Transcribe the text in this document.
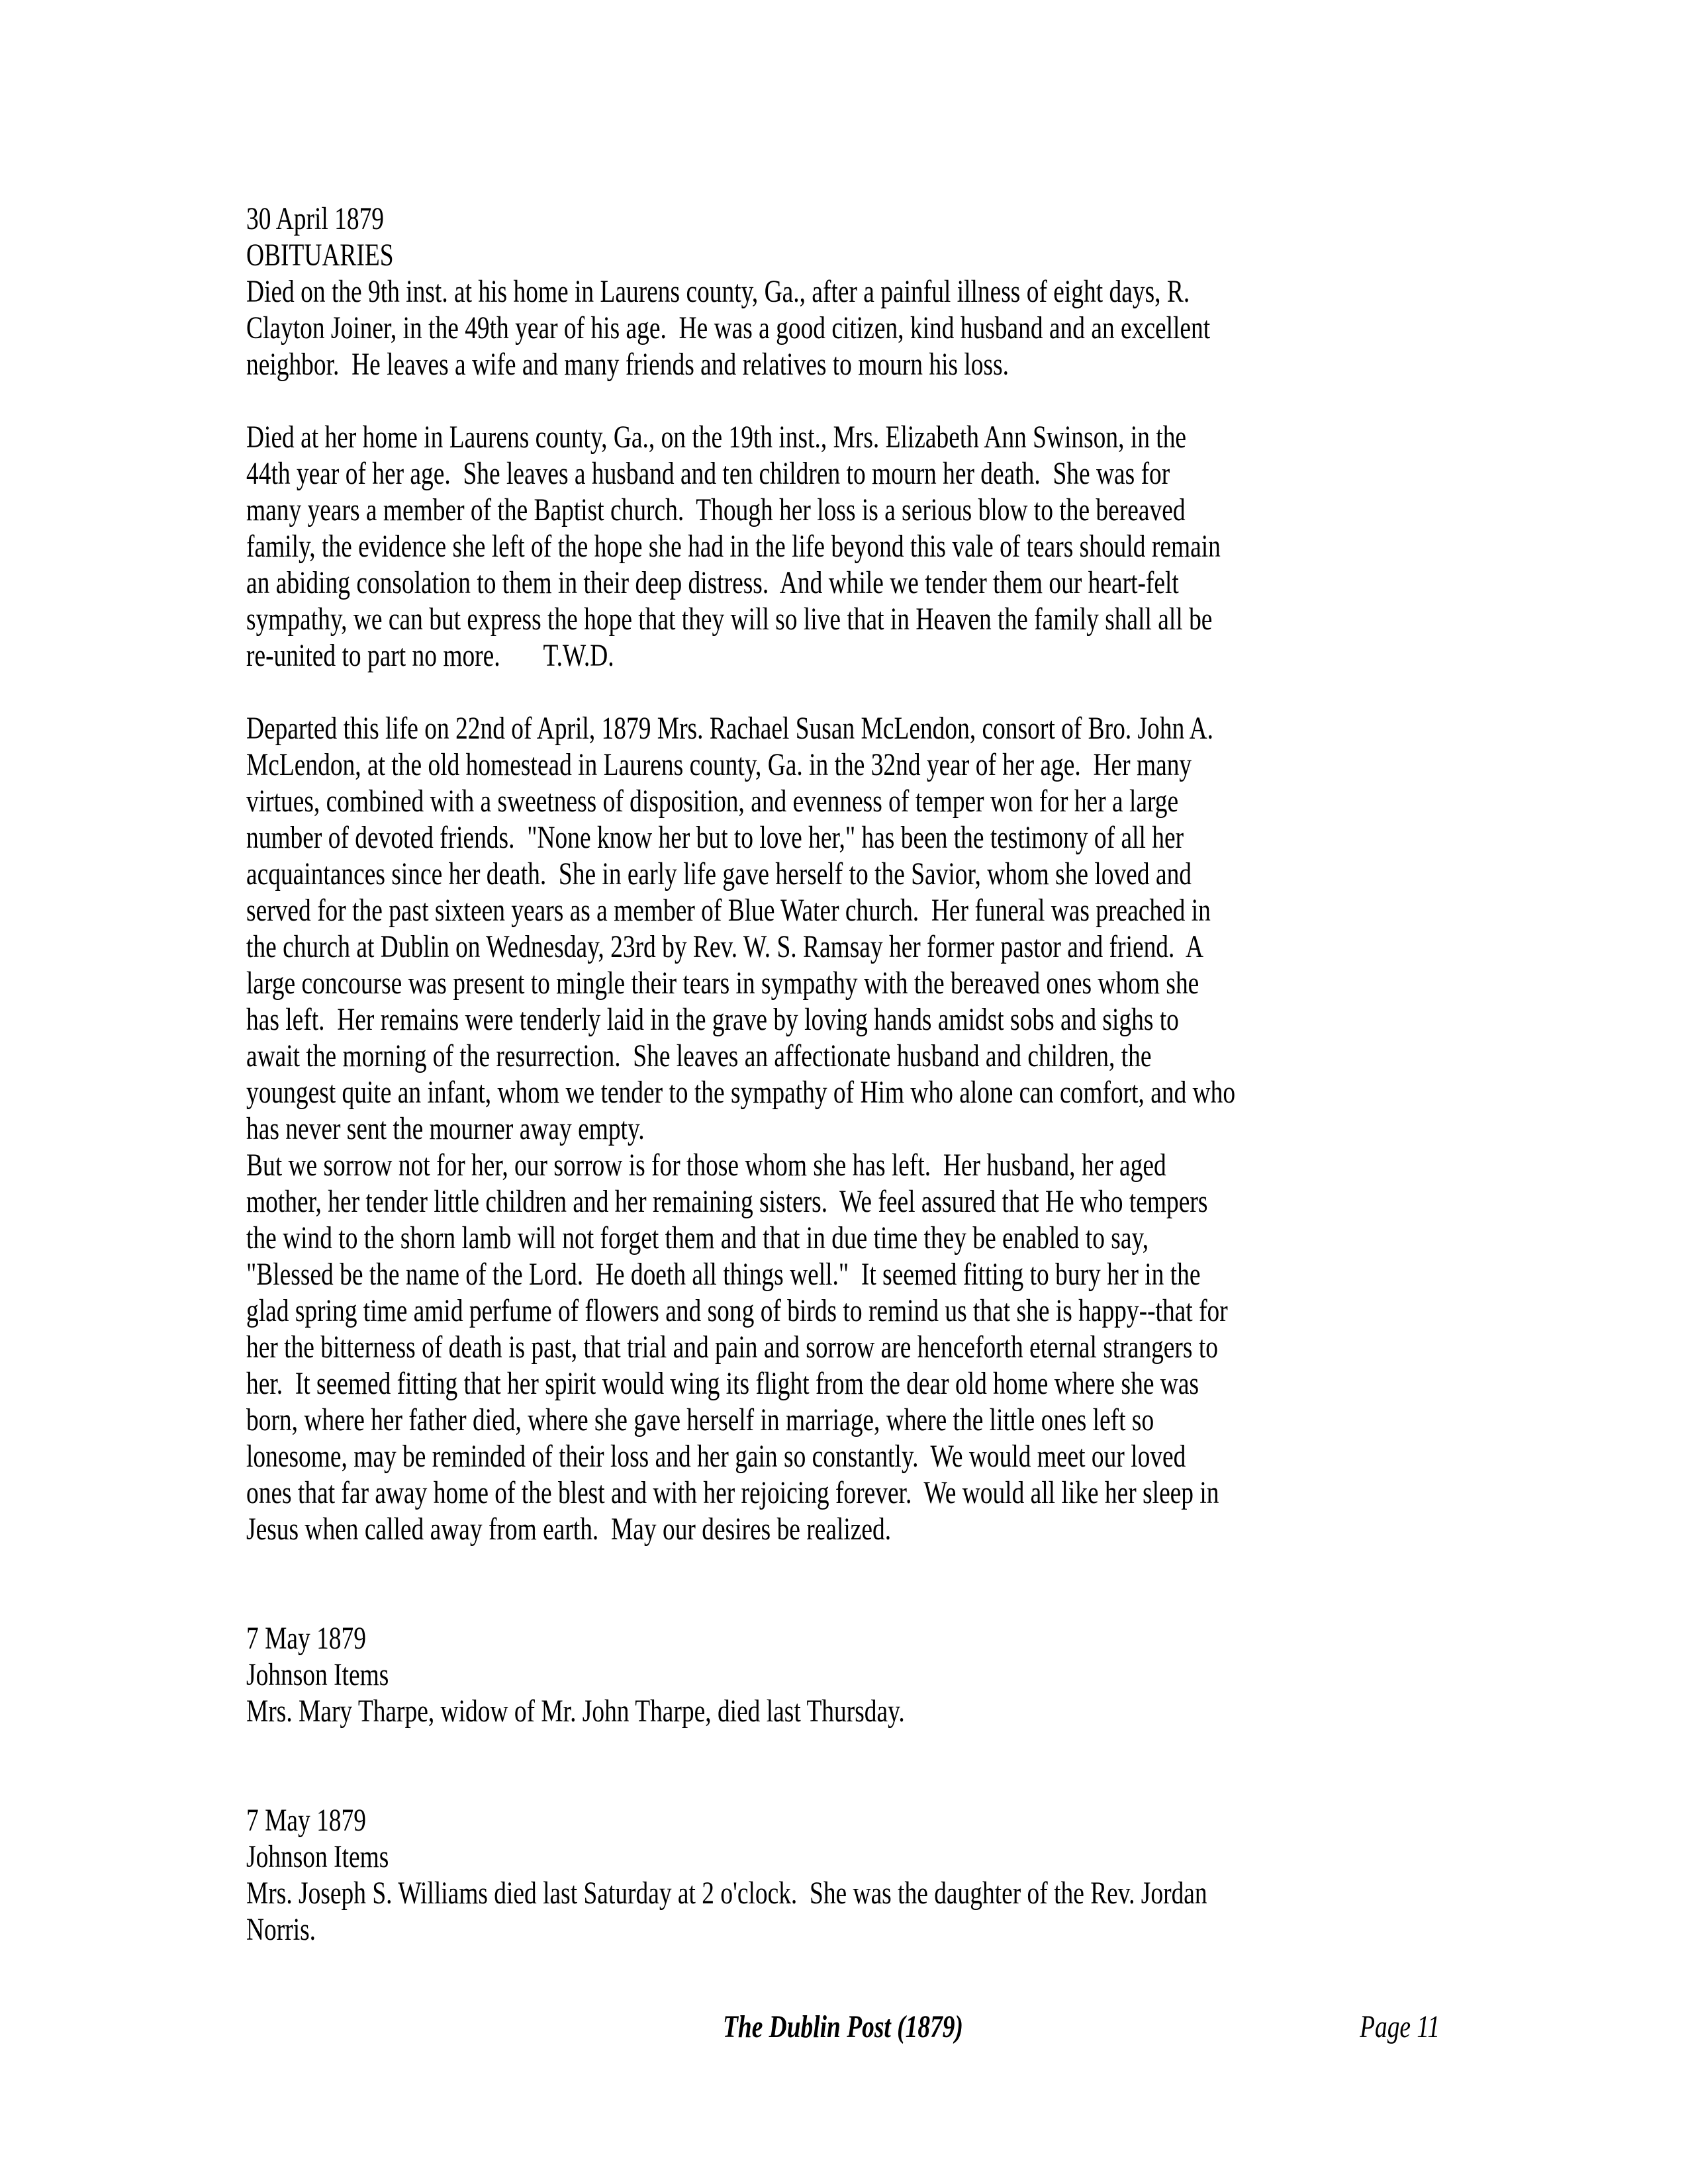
30 April 1879
OBITUARIES
Died on the 9th inst. at his home in Laurens county, Ga., after a painful illness of eight days, R.
Clayton Joiner, in the 49th year of his age.  He was a good citizen, kind husband and an excellent
neighbor.  He leaves a wife and many friends and relatives to mourn his loss.
Died at her home in Laurens county, Ga., on the 19th inst., Mrs. Elizabeth Ann Swinson, in the
44th year of her age.  She leaves a husband and ten children to mourn her death.  She was for
many years a member of the Baptist church.  Though her loss is a serious blow to the bereaved
family, the evidence she left of the hope she had in the life beyond this vale of tears should remain
an abiding consolation to them in their deep distress.  And while we tender them our heart-felt
sympathy, we can but express the hope that they will so live that in Heaven the family shall all be
re-united to part no more.       T.W.D.
Departed this life on 22nd of April, 1879 Mrs. Rachael Susan McLendon, consort of Bro. John A.
McLendon, at the old homestead in Laurens county, Ga. in the 32nd year of her age.  Her many
virtues, combined with a sweetness of disposition, and evenness of temper won for her a large
number of devoted friends.  "None know her but to love her," has been the testimony of all her
acquaintances since her death.  She in early life gave herself to the Savior, whom she loved and
served for the past sixteen years as a member of Blue Water church.  Her funeral was preached in
the church at Dublin on Wednesday, 23rd by Rev. W. S. Ramsay her former pastor and friend.  A
large concourse was present to mingle their tears in sympathy with the bereaved ones whom she
has left.  Her remains were tenderly laid in the grave by loving hands amidst sobs and sighs to
await the morning of the resurrection.  She leaves an affectionate husband and children, the
youngest quite an infant, whom we tender to the sympathy of Him who alone can comfort, and who
has never sent the mourner away empty.
But we sorrow not for her, our sorrow is for those whom she has left.  Her husband, her aged
mother, her tender little children and her remaining sisters.  We feel assured that He who tempers
the wind to the shorn lamb will not forget them and that in due time they be enabled to say,
"Blessed be the name of the Lord.  He doeth all things well."  It seemed fitting to bury her in the
glad spring time amid perfume of flowers and song of birds to remind us that she is happy--that for
her the bitterness of death is past, that trial and pain and sorrow are henceforth eternal strangers to
her.  It seemed fitting that her spirit would wing its flight from the dear old home where she was
born, where her father died, where she gave herself in marriage, where the little ones left so
lonesome, may be reminded of their loss and her gain so constantly.  We would meet our loved
ones that far away home of the blest and with her rejoicing forever.  We would all like her sleep in
Jesus when called away from earth.  May our desires be realized.
7 May 1879
Johnson Items
Mrs. Mary Tharpe, widow of Mr. John Tharpe, died last Thursday.
7 May 1879
Johnson Items
Mrs. Joseph S. Williams died last Saturday at 2 o'clock.  She was the daughter of the Rev. Jordan
Norris.
The Dublin Post (1879)	Page 11
